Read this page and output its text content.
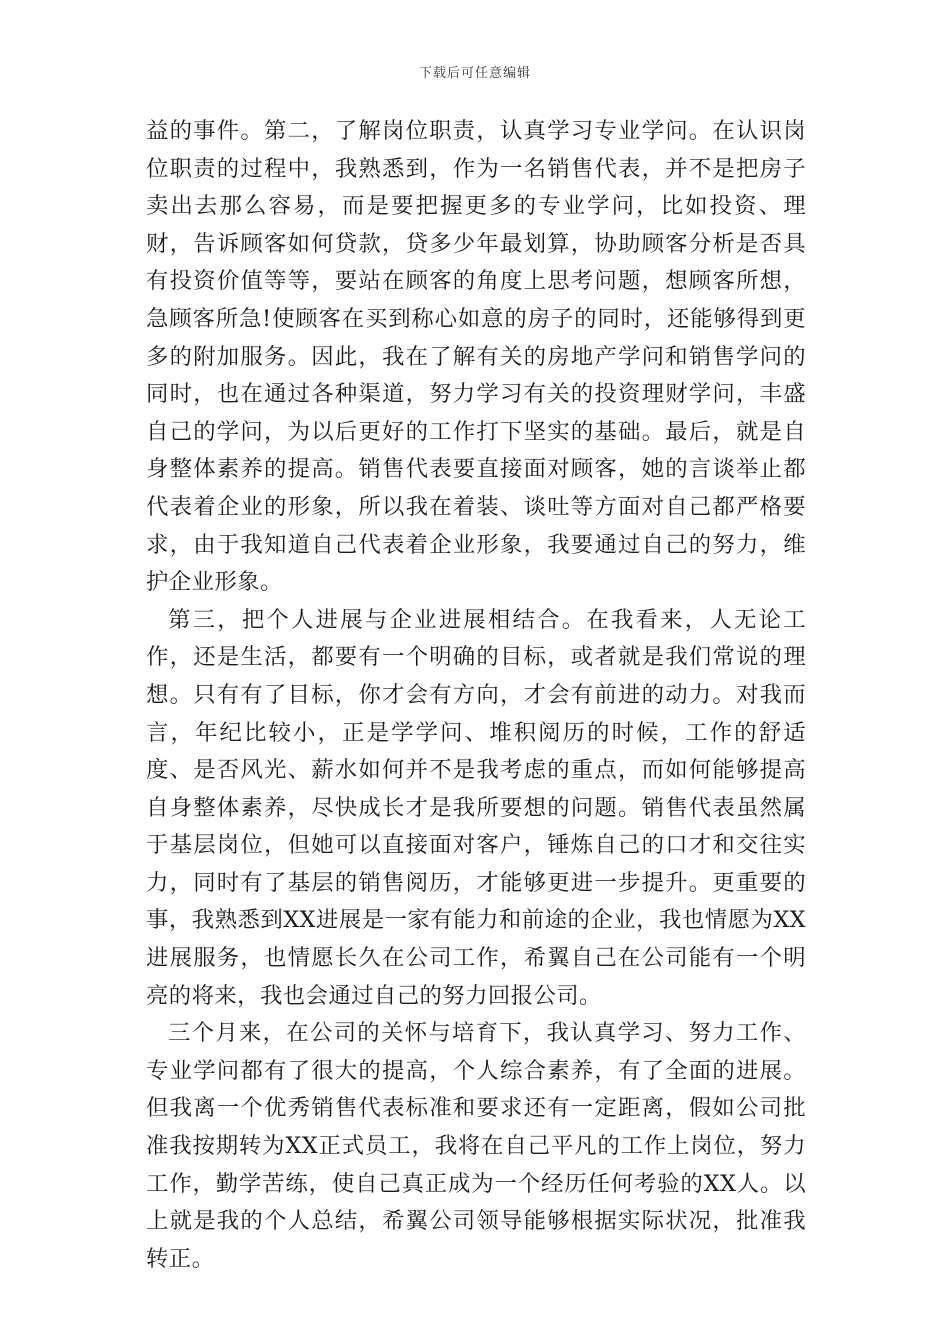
下载后可任意编辑

益的事件。第二，了解岗位职责，认真学习专业学问。在认识岗位职责的过程中，我熟悉到，作为一名销售代表，并不是把房子卖出去那么容易，而是要把握更多的专业学问，比如投资、理财，告诉顾客如何贷款，贷多少年最划算，协助顾客分析是否具有投资价值等等，要站在顾客的角度上思考问题，想顾客所想，急顾客所急!使顾客在买到称心如意的房子的同时，还能够得到更多的附加服务。因此，我在了解有关的房地产学问和销售学问的同时，也在通过各种渠道，努力学习有关的投资理财学问，丰盛自己的学问，为以后更好的工作打下坚实的基础。最后，就是自身整体素养的提高。销售代表要直接面对顾客，她的言谈举止都代表着企业的形象，所以我在着装、谈吐等方面对自己都严格要求，由于我知道自己代表着企业形象，我要通过自己的努力，维护企业形象。

第三，把个人进展与企业进展相结合。在我看来，人无论工作，还是生活，都要有一个明确的目标，或者就是我们常说的理想。只有有了目标，你才会有方向，才会有前进的动力。对我而言，年纪比较小，正是学学问、堆积阅历的时候，工作的舒适度、是否风光、薪水如何并不是我考虑的重点，而如何能够提高自身整体素养，尽快成长才是我所要想的问题。销售代表虽然属于基层岗位，但她可以直接面对客户，锤炼自己的口才和交往实力，同时有了基层的销售阅历，才能够更进一步提升。更重要的事，我熟悉到XX进展是一家有能力和前途的企业，我也情愿为XX进展服务，也情愿长久在公司工作，希翼自己在公司能有一个明亮的将来，我也会通过自己的努力回报公司。

三个月来，在公司的关怀与培育下，我认真学习、努力工作、专业学问都有了很大的提高，个人综合素养，有了全面的进展。但我离一个优秀销售代表标准和要求还有一定距离，假如公司批准我按期转为XX正式员工，我将在自己平凡的工作上岗位，努力工作，勤学苦练，使自己真正成为一个经历任何考验的XX人。以上就是我的个人总结，希翼公司领导能够根据实际状况，批准我转正。
